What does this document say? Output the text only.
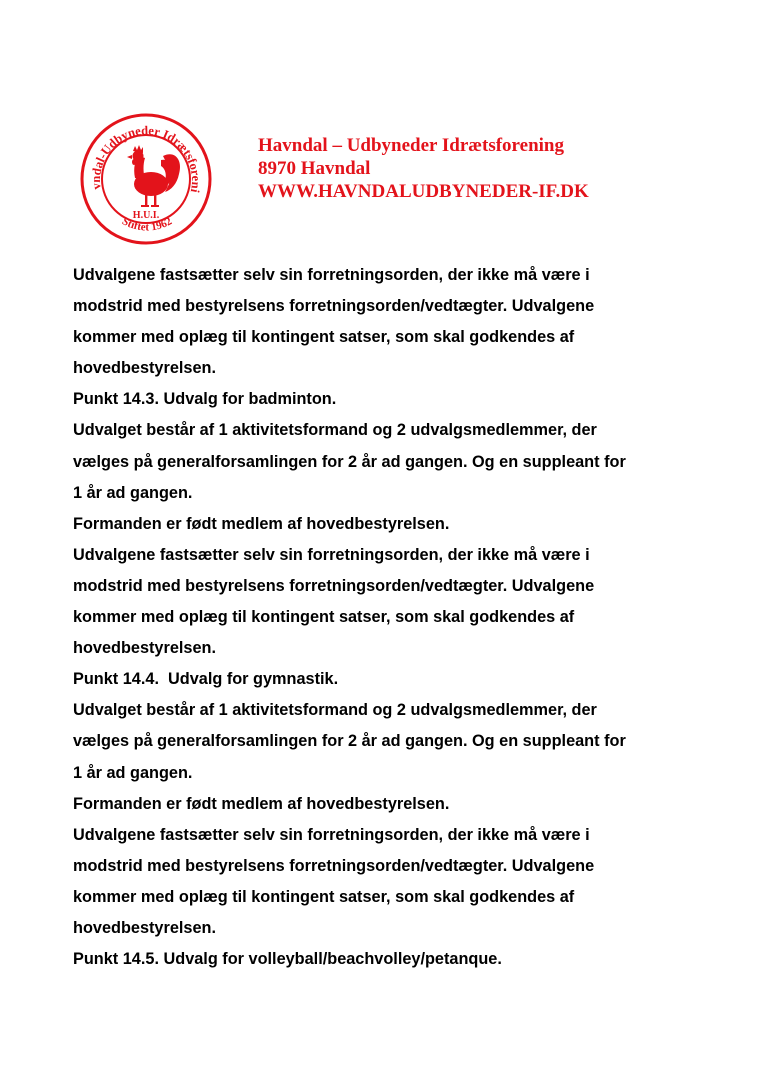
vndal-Udbyneder Idrætsforeni
Stiftet 1962
H.U.I.
Havndal – Udbyneder Idrætsforening
8970 Havndal
WWW.HAVNDALUDBYNEDER-IF.DK
Udvalgene fastsætter selv sin forretningsorden, der ikke må være i
modstrid med bestyrelsens forretningsorden/vedtægter. Udvalgene
kommer med oplæg til kontingent satser, som skal godkendes af
hovedbestyrelsen.
Punkt 14.3. Udvalg for badminton.
Udvalget består af 1 aktivitetsformand og 2 udvalgsmedlemmer, der
vælges på generalforsamlingen for 2 år ad gangen. Og en suppleant for
1 år ad gangen.
Formanden er født medlem af hovedbestyrelsen.
Udvalgene fastsætter selv sin forretningsorden, der ikke må være i
modstrid med bestyrelsens forretningsorden/vedtægter. Udvalgene
kommer med oplæg til kontingent satser, som skal godkendes af
hovedbestyrelsen.
Punkt 14.4.  Udvalg for gymnastik.
Udvalget består af 1 aktivitetsformand og 2 udvalgsmedlemmer, der
vælges på generalforsamlingen for 2 år ad gangen. Og en suppleant for
1 år ad gangen.
Formanden er født medlem af hovedbestyrelsen.
Udvalgene fastsætter selv sin forretningsorden, der ikke må være i
modstrid med bestyrelsens forretningsorden/vedtægter. Udvalgene
kommer med oplæg til kontingent satser, som skal godkendes af
hovedbestyrelsen.
Punkt 14.5. Udvalg for volleyball/beachvolley/petanque.
